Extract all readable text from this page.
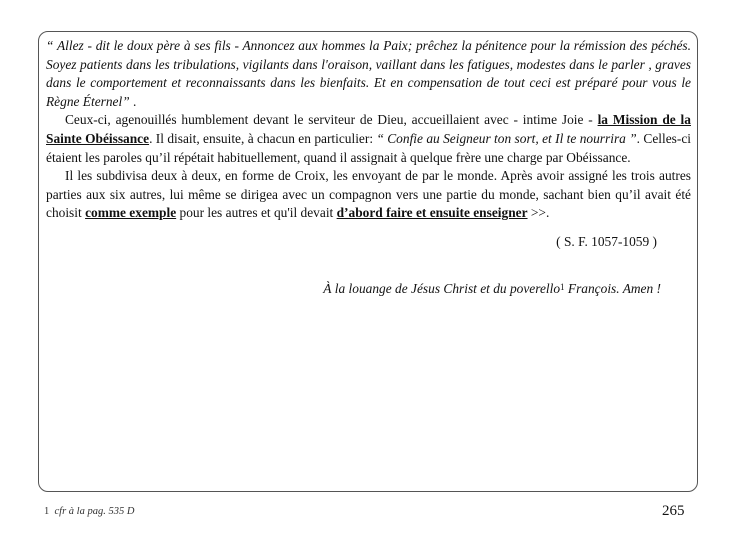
“ Allez - dit le doux père à ses fils - Annoncez aux hommes la Paix; prêchez la pénitence pour la rémission des péchés. Soyez patients dans les tribulations, vigilants dans l'oraison, vaillant dans les fatigues, modestes dans le parler , graves dans le comportement et reconnaissants dans les bienfaits. Et en compensation de tout ceci est préparé pour vous le Règne Éternel” .

Ceux-ci, agenouillés humblement devant le serviteur de Dieu, accueillaient avec - intime Joie - la Mission de la Sainte Obéissance. Il disait, ensuite, à chacun en particulier: “ Confie au Seigneur ton sort, et Il te nourrira ”. Celles-ci étaient les paroles qu’il répétait habituellement, quand il assignait à quelque frère une charge par Obéissance.

Il les subdivisa deux à deux, en forme de Croix, les envoyant de par le monde. Après avoir assigné les trois autres parties aux six autres, lui même se dirigea avec un compagnon vers une partie du monde, sachant bien qu’il avait été choisit comme exemple pour les autres et qu'il devait d’abord faire et ensuite enseigner >>.

( S. F. 1057-1059 )

À la louange de Jésus Christ et du poverello$^1$ François. Amen !

1 cfr à la pag. 535 D	265
